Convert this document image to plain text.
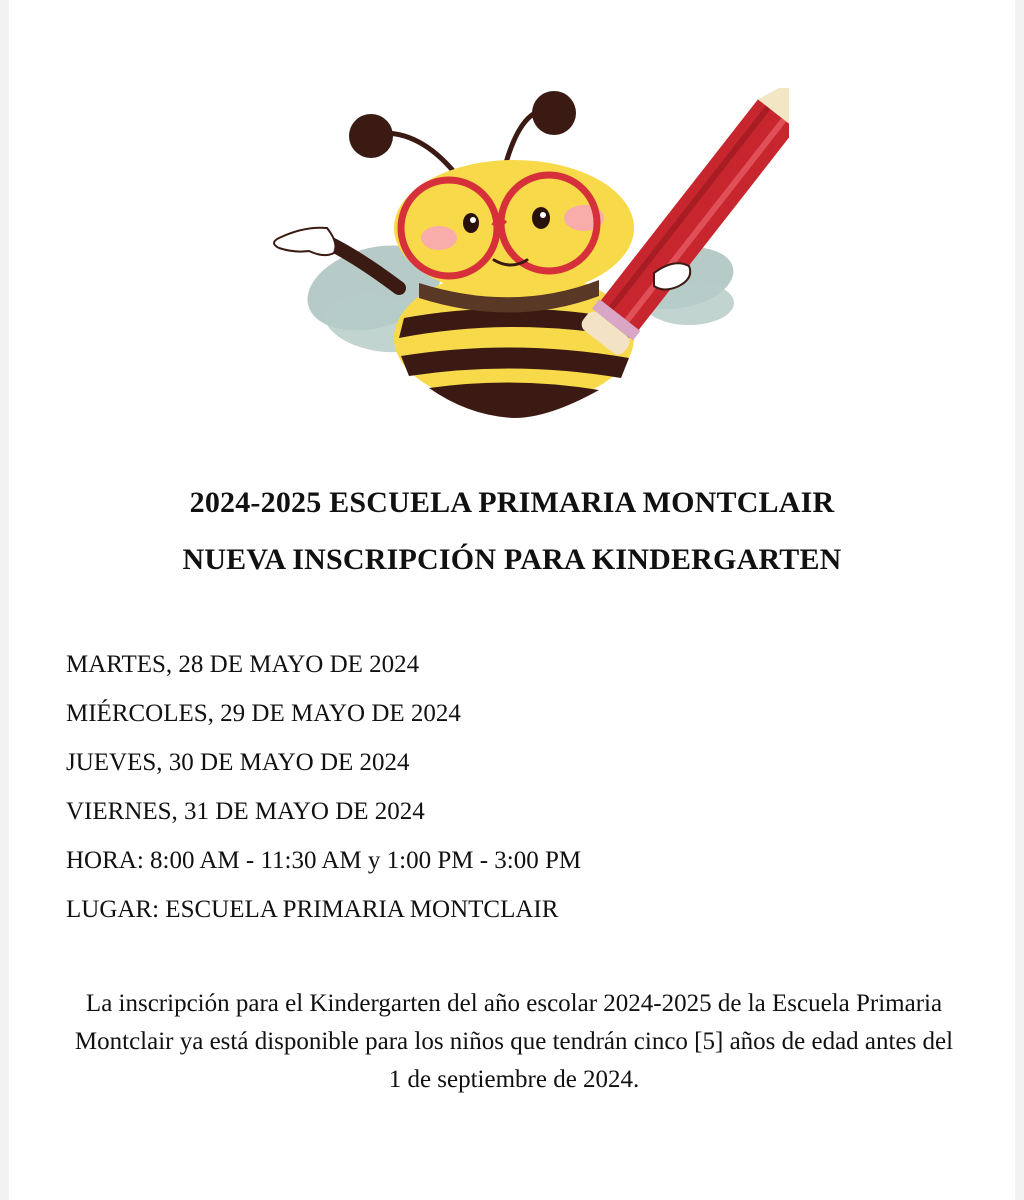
2024-2025 ESCUELA PRIMARIA MONTCLAIR
NUEVA INSCRIPCIÓN PARA KINDERGARTEN
MARTES, 28 DE MAYO DE 2024
MIÉRCOLES, 29 DE MAYO DE 2024
JUEVES, 30 DE MAYO DE 2024
VIERNES, 31 DE MAYO DE 2024
HORA: 8:00 AM - 11:30 AM y 1:00 PM - 3:00 PM
LUGAR: ESCUELA PRIMARIA MONTCLAIR

La inscripción para el Kindergarten del año escolar 2024-2025 de la Escuela Primaria Montclair ya está disponible para los niños que tendrán cinco [5] años de edad antes del 1 de septiembre de 2024.
